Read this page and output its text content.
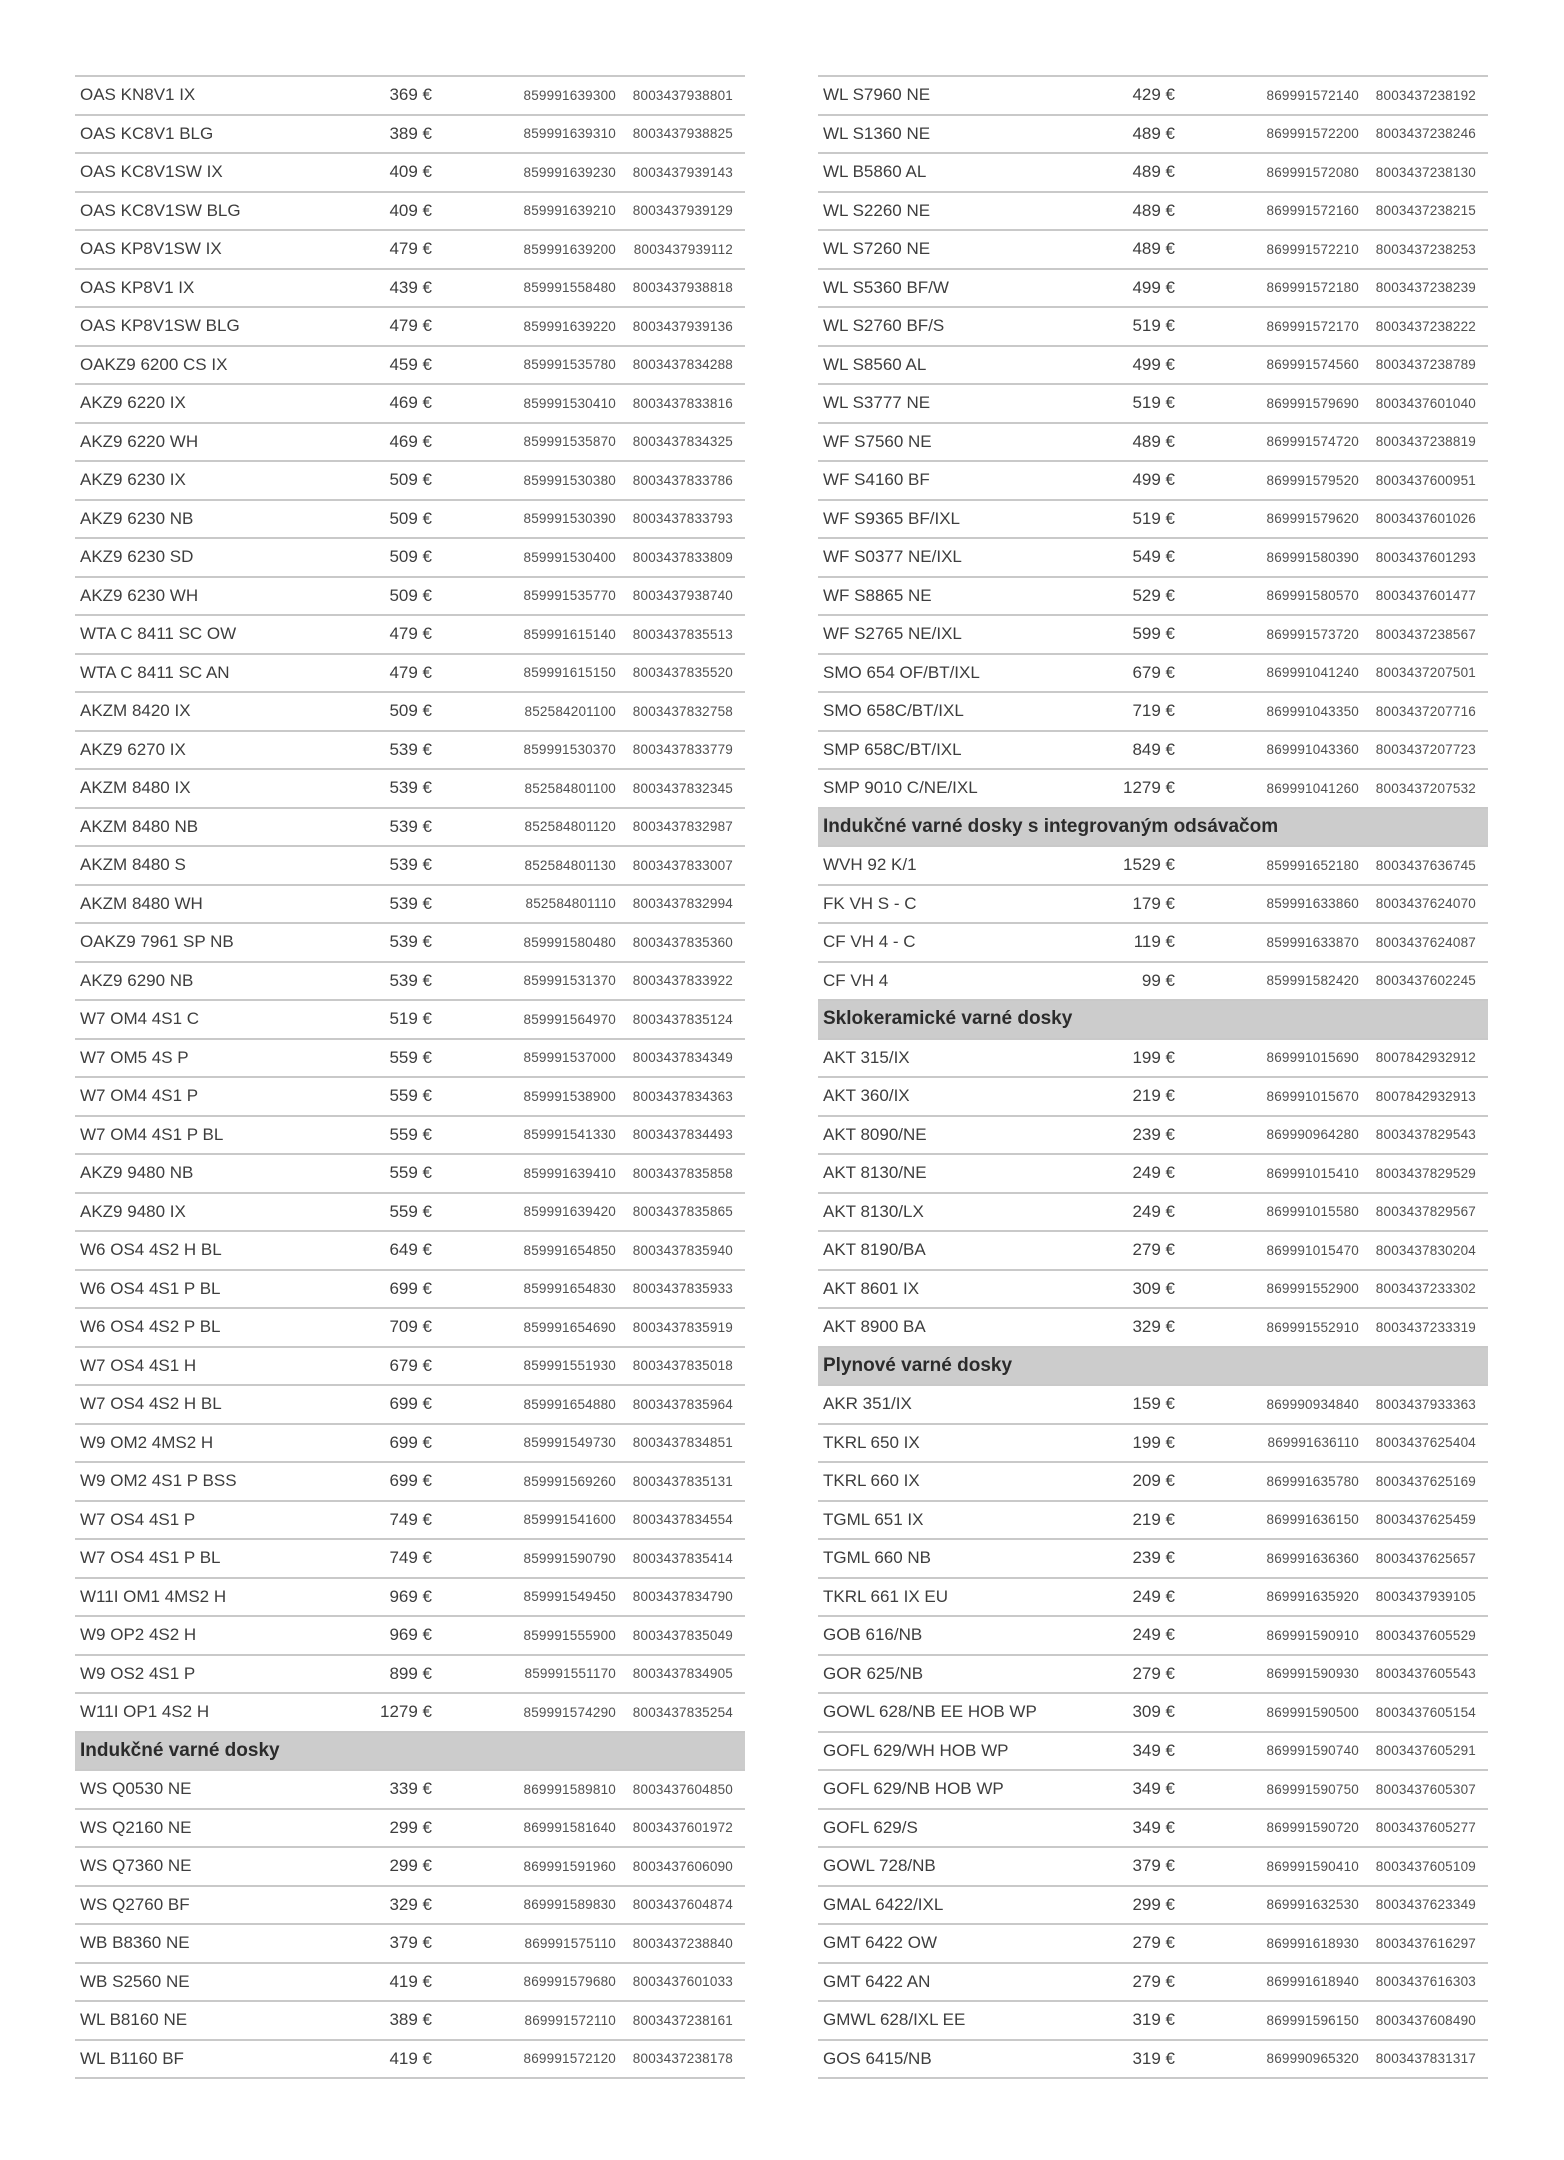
OAS KN8V1 IX	369 €	859991639300	8003437938801
OAS KC8V1 BLG	389 €	859991639310	8003437938825
OAS KC8V1SW IX	409 €	859991639230	8003437939143
OAS KC8V1SW BLG	409 €	859991639210	8003437939129
OAS KP8V1SW IX	479 €	859991639200	8003437939112
OAS KP8V1 IX	439 €	859991558480	8003437938818
OAS KP8V1SW BLG	479 €	859991639220	8003437939136
OAKZ9 6200 CS IX	459 €	859991535780	8003437834288
AKZ9 6220 IX	469 €	859991530410	8003437833816
AKZ9 6220 WH	469 €	859991535870	8003437834325
AKZ9 6230 IX	509 €	859991530380	8003437833786
AKZ9 6230 NB	509 €	859991530390	8003437833793
AKZ9 6230 SD	509 €	859991530400	8003437833809
AKZ9 6230 WH	509 €	859991535770	8003437938740
WTA C 8411 SC OW	479 €	859991615140	8003437835513
WTA C 8411 SC AN	479 €	859991615150	8003437835520
AKZM 8420 IX	509 €	852584201100	8003437832758
AKZ9 6270 IX	539 €	859991530370	8003437833779
AKZM 8480 IX	539 €	852584801100	8003437832345
AKZM 8480 NB	539 €	852584801120	8003437832987
AKZM 8480 S	539 €	852584801130	8003437833007
AKZM 8480 WH	539 €	852584801110	8003437832994
OAKZ9 7961 SP NB	539 €	859991580480	8003437835360
AKZ9 6290 NB	539 €	859991531370	8003437833922
W7 OM4 4S1 C	519 €	859991564970	8003437835124
W7 OM5 4S P	559 €	859991537000	8003437834349
W7 OM4 4S1 P	559 €	859991538900	8003437834363
W7 OM4 4S1 P BL	559 €	859991541330	8003437834493
AKZ9 9480 NB	559 €	859991639410	8003437835858
AKZ9 9480 IX	559 €	859991639420	8003437835865
W6 OS4 4S2 H BL	649 €	859991654850	8003437835940
W6 OS4 4S1 P BL	699 €	859991654830	8003437835933
W6 OS4 4S2 P BL	709 €	859991654690	8003437835919
W7 OS4 4S1 H	679 €	859991551930	8003437835018
W7 OS4 4S2 H BL	699 €	859991654880	8003437835964
W9 OM2 4MS2 H	699 €	859991549730	8003437834851
W9 OM2 4S1 P BSS	699 €	859991569260	8003437835131
W7 OS4 4S1 P	749 €	859991541600	8003437834554
W7 OS4 4S1 P BL	749 €	859991590790	8003437835414
W11I OM1 4MS2 H	969 €	859991549450	8003437834790
W9 OP2 4S2 H	969 €	859991555900	8003437835049
W9 OS2 4S1 P	899 €	859991551170	8003437834905
W11I OP1 4S2 H	1279 €	859991574290	8003437835254
Indukčné varné dosky
WS Q0530 NE	339 €	869991589810	8003437604850
WS Q2160 NE	299 €	869991581640	8003437601972
WS Q7360 NE	299 €	869991591960	8003437606090
WS Q2760 BF	329 €	869991589830	8003437604874
WB B8360 NE	379 €	869991575110	8003437238840
WB S2560 NE	419 €	869991579680	8003437601033
WL B8160 NE	389 €	869991572110	8003437238161
WL B1160 BF	419 €	869991572120	8003437238178
WL S7960 NE	429 €	869991572140	8003437238192
WL S1360 NE	489 €	869991572200	8003437238246
WL B5860 AL	489 €	869991572080	8003437238130
WL S2260 NE	489 €	869991572160	8003437238215
WL S7260 NE	489 €	869991572210	8003437238253
WL S5360 BF/W	499 €	869991572180	8003437238239
WL S2760 BF/S	519 €	869991572170	8003437238222
WL S8560 AL	499 €	869991574560	8003437238789
WL S3777 NE	519 €	869991579690	8003437601040
WF S7560 NE	489 €	869991574720	8003437238819
WF S4160 BF	499 €	869991579520	8003437600951
WF S9365 BF/IXL	519 €	869991579620	8003437601026
WF S0377 NE/IXL	549 €	869991580390	8003437601293
WF S8865 NE	529 €	869991580570	8003437601477
WF S2765 NE/IXL	599 €	869991573720	8003437238567
SMO 654 OF/BT/IXL	679 €	869991041240	8003437207501
SMO 658C/BT/IXL	719 €	869991043350	8003437207716
SMP 658C/BT/IXL	849 €	869991043360	8003437207723
SMP 9010 C/NE/IXL	1279 €	869991041260	8003437207532
Indukčné varné dosky s integrovaným odsávačom
WVH 92 K/1	1529 €	859991652180	8003437636745
FK VH S - C	179 €	859991633860	8003437624070
CF VH 4 - C	119 €	859991633870	8003437624087
CF VH 4	99 €	859991582420	8003437602245
Sklokeramické varné dosky
AKT 315/IX	199 €	869991015690	8007842932912
AKT 360/IX	219 €	869991015670	8007842932913
AKT 8090/NE	239 €	869990964280	8003437829543
AKT 8130/NE	249 €	869991015410	8003437829529
AKT 8130/LX	249 €	869991015580	8003437829567
AKT 8190/BA	279 €	869991015470	8003437830204
AKT 8601 IX	309 €	869991552900	8003437233302
AKT 8900 BA	329 €	869991552910	8003437233319
Plynové varné dosky
AKR 351/IX	159 €	869990934840	8003437933363
TKRL 650 IX	199 €	869991636110	8003437625404
TKRL 660 IX	209 €	869991635780	8003437625169
TGML 651 IX	219 €	869991636150	8003437625459
TGML 660 NB	239 €	869991636360	8003437625657
TKRL 661 IX EU	249 €	869991635920	8003437939105
GOB 616/NB	249 €	869991590910	8003437605529
GOR 625/NB	279 €	869991590930	8003437605543
GOWL 628/NB EE HOB WP	309 €	869991590500	8003437605154
GOFL 629/WH HOB WP	349 €	869991590740	8003437605291
GOFL 629/NB HOB WP	349 €	869991590750	8003437605307
GOFL 629/S	349 €	869991590720	8003437605277
GOWL 728/NB	379 €	869991590410	8003437605109
GMAL 6422/IXL	299 €	869991632530	8003437623349
GMT 6422 OW	279 €	869991618930	8003437616297
GMT 6422 AN	279 €	869991618940	8003437616303
GMWL 628/IXL EE	319 €	869991596150	8003437608490
GOS 6415/NB	319 €	869990965320	8003437831317
